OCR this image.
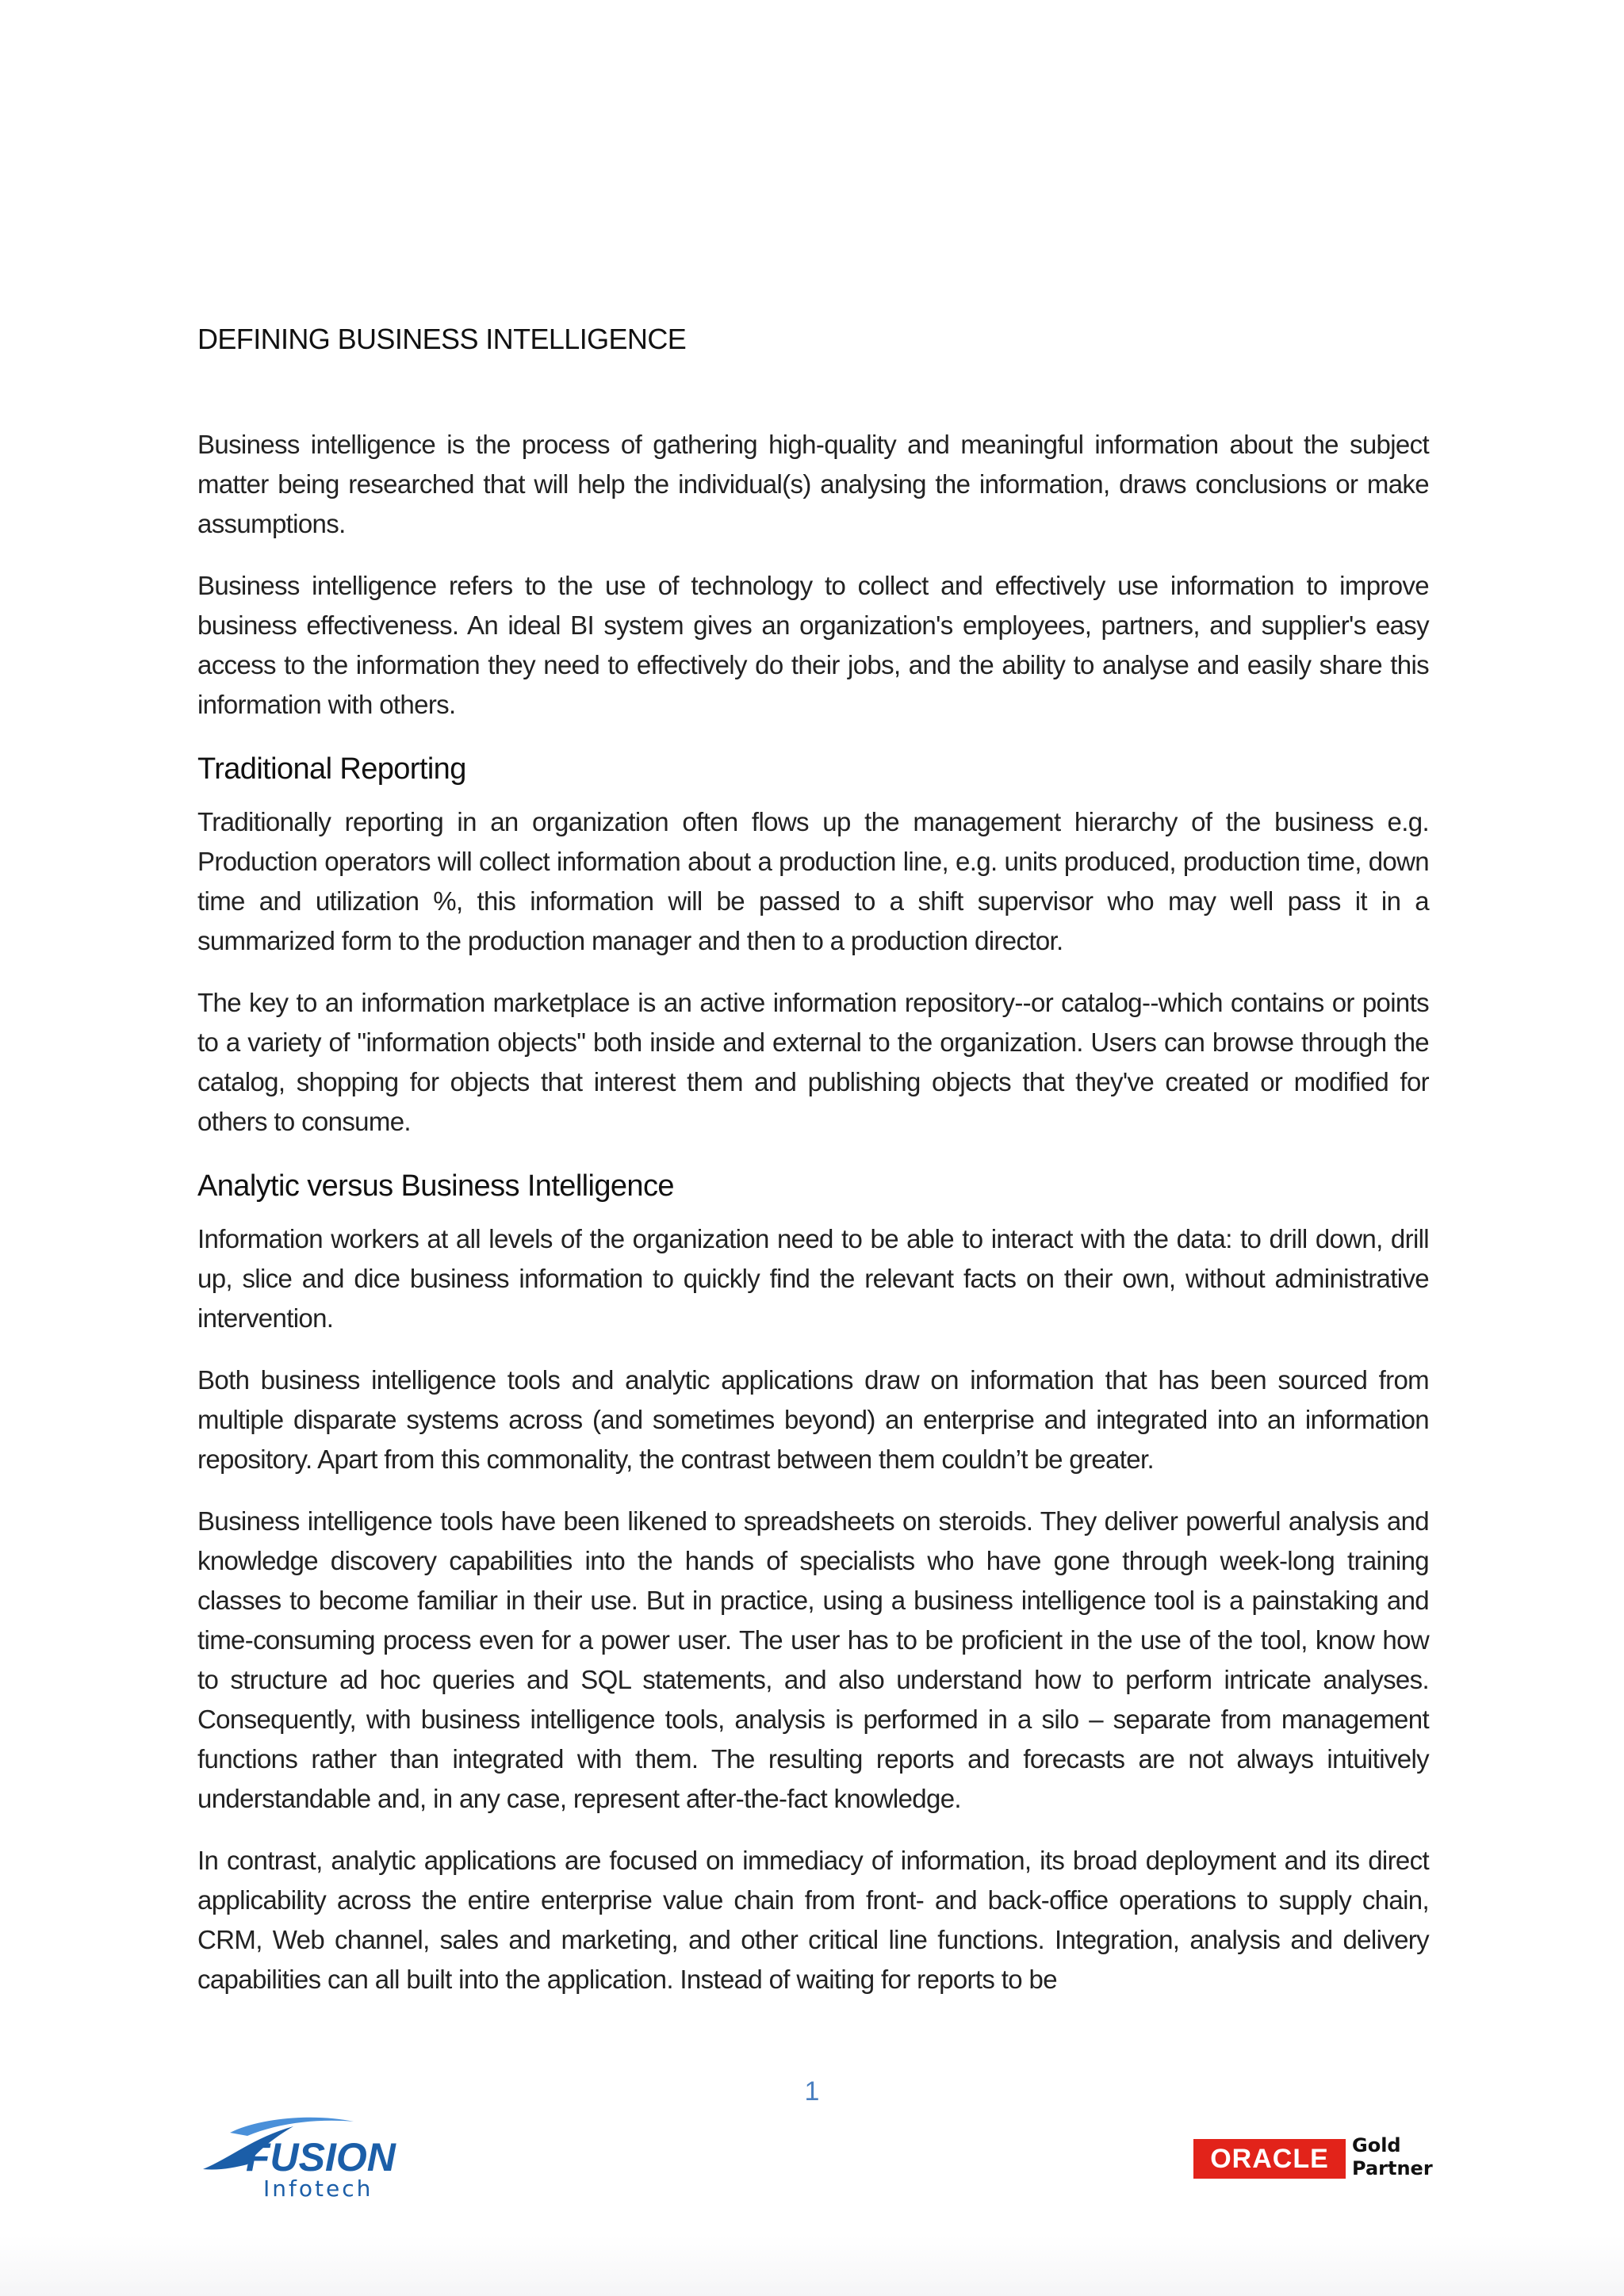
DEFINING BUSINESS INTELLIGENCE

Business intelligence is the process of gathering high-quality and meaningful information about the subject matter being researched that will help the individual(s) analysing the information, draws conclusions or make assumptions.

Business intelligence refers to the use of technology to collect and effectively use information to improve business effectiveness. An ideal BI system gives an organization's employees, partners, and supplier's easy access to the information they need to effectively do their jobs, and the ability to analyse and easily share this information with others.

Traditional Reporting

Traditionally reporting in an organization often flows up the management hierarchy of the business e.g. Production operators will collect information about a production line, e.g. units produced, production time, down time and utilization %, this information will be passed to a shift supervisor who may well pass it in a summarized form to the production manager and then to a production director.

The key to an information marketplace is an active information repository--or catalog--which contains or points to a variety of "information objects" both inside and external to the organization. Users can browse through the catalog, shopping for objects that interest them and publishing objects that they've created or modified for others to consume.

Analytic versus Business Intelligence

Information workers at all levels of the organization need to be able to interact with the data: to drill down, drill up, slice and dice business information to quickly find the relevant facts on their own, without administrative intervention.

Both business intelligence tools and analytic applications draw on information that has been sourced from multiple disparate systems across (and sometimes beyond) an enterprise and integrated into an information repository. Apart from this commonality, the contrast between them couldn’t be greater.

Business intelligence tools have been likened to spreadsheets on steroids. They deliver powerful analysis and knowledge discovery capabilities into the hands of specialists who have gone through week-long training classes to become familiar in their use. But in practice, using a business intelligence tool is a painstaking and time-consuming process even for a power user. The user has to be proficient in the use of the tool, know how to structure ad hoc queries and SQL statements, and also understand how to perform intricate analyses. Consequently, with business intelligence tools, analysis is performed in a silo – separate from management functions rather than integrated with them. The resulting reports and forecasts are not always intuitively understandable and, in any case, represent after-the-fact knowledge.

In contrast, analytic applications are focused on immediacy of information, its broad deployment and its direct applicability across the entire enterprise value chain from front- and back-office operations to supply chain, CRM, Web channel, sales and marketing, and other critical line functions. Integration, analysis and delivery capabilities can all built into the application. Instead of waiting for reports to be

1
FUSION
Infotech
ORACLE	Gold
Partner
